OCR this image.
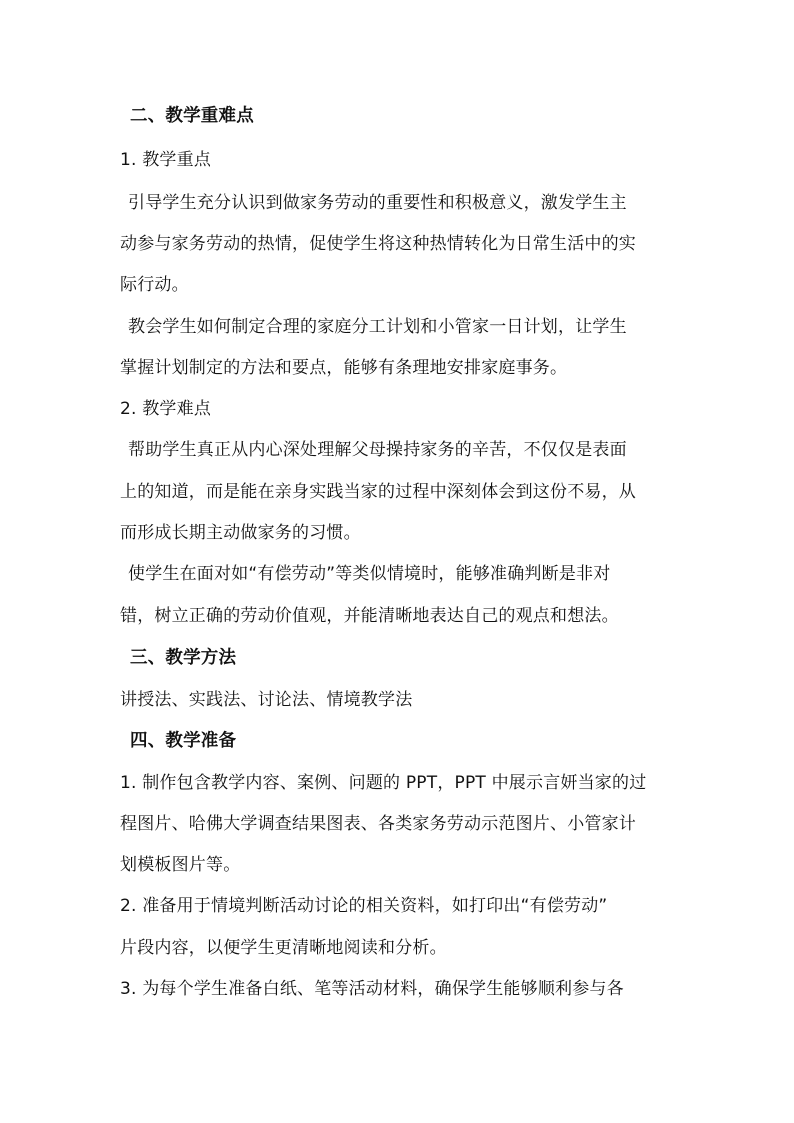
二、教学重难点
1. 教学重点
引导学生充分认识到做家务劳动的重要性和积极意义，激发学生主
动参与家务劳动的热情，促使学生将这种热情转化为日常生活中的实
际行动。
教会学生如何制定合理的家庭分工计划和小管家一日计划，让学生
掌握计划制定的方法和要点，能够有条理地安排家庭事务。
2. 教学难点
帮助学生真正从内心深处理解父母操持家务的辛苦，不仅仅是表面
上的知道，而是能在亲身实践当家的过程中深刻体会到这份不易，从
而形成长期主动做家务的习惯。
使学生在面对如“有偿劳动”等类似情境时，能够准确判断是非对
错，树立正确的劳动价值观，并能清晰地表达自己的观点和想法。
三、教学方法
讲授法、实践法、讨论法、情境教学法
四、教学准备
1. 制作包含教学内容、案例、问题的 PPT，PPT 中展示言妍当家的过
程图片、哈佛大学调查结果图表、各类家务劳动示范图片、小管家计
划模板图片等。
2. 准备用于情境判断活动讨论的相关资料，如打印出“有偿劳动”
片段内容，以便学生更清晰地阅读和分析。
3. 为每个学生准备白纸、笔等活动材料，确保学生能够顺利参与各
